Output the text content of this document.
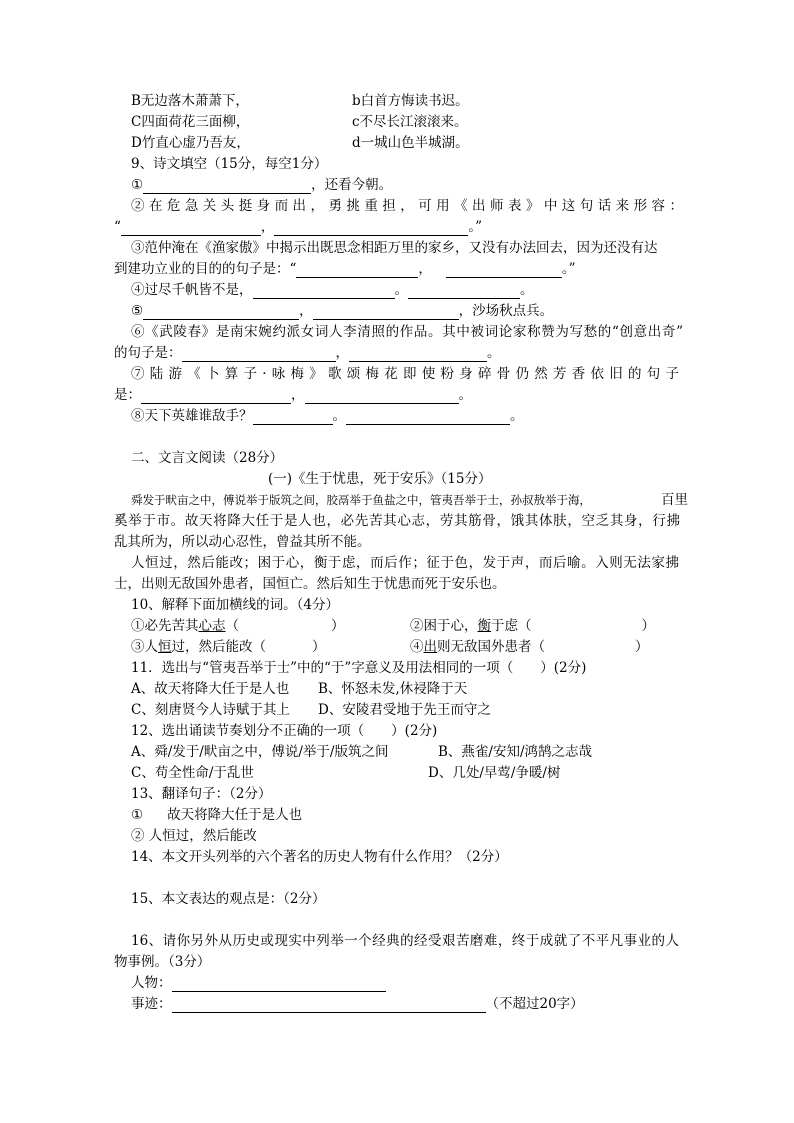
B无边落木萧萧下，	b白首方悔读书迟。
C四面荷花三面柳，	c不尽长江滚滚来。
D竹直心虚乃吾友，	d一城山色半城湖。
9、诗文填空（15分，每空1分）
①	，还看今朝。
②在危急关头挺身而出，勇挑重担，可用《出师表》中这句话来形容：
“	，	。”
③范仲淹在《渔家傲》中揭示出既思念相距万里的家乡，又没有办法回去，因为还没有达
到建功立业的目的的句子是：“	，	。”
④过尽千帆皆不是，	。	。
⑤	，	，沙场秋点兵。
⑥《武陵春》是南宋婉约派女词人李清照的作品。其中被词论家称赞为写愁的“创意出奇”
的句子是：	，	。
⑦陆游《卜算子·咏梅》歌颂梅花即使粉身碎骨仍然芳香依旧的句子
是：	，	。
⑧天下英雄谁敌手？	。	。
二、文言文阅读（28分）
(一)《生于忧患，死于安乐》（15分）
舜发于畎亩之中，傅说举于版筑之间，胶鬲举于鱼盐之中，管夷吾举于士，孙叔敖举于海，	百里
奚举于市。故天将降大任于是人也，必先苦其心志，劳其筋骨，饿其体肤，空乏其身，行拂
乱其所为，所以动心忍性，曾益其所不能。
人恒过，然后能改；困于心，衡于虑，而后作；征于色，发于声，而后喻。入则无法家拂
士，出则无敌国外患者，国恒亡。然后知生于忧患而死于安乐也。
10、解释下面加横线的词。（4分）
①必先苦其心志（	）	②困于心，衡于虑（	）
③人恒过，然后能改（	）	④出则无敌国外患者（	）
11．选出与“管夷吾举于士”中的“于”字意义及用法相同的一项（　　）(2分)
A、故天将降大任于是人也 B、怀怒未发,休祲降于天
C、刻唐贤今人诗赋于其上 D、安陵君受地于先王而守之
12、选出诵读节奏划分不正确的一项（　　）(2分)
A、舜/发于/畎亩之中，傅说/举于/版筑之间	B、燕雀/安知/鸿鹄之志哉
C、苟全性命/于乱世	D、几处/早莺/争暖/树
13、翻译句子：（2分）
① 故天将降大任于是人也
② 人恒过，然后能改
14、本文开头列举的六个著名的历史人物有什么作用？（2分）
15、本文表达的观点是：（2分）
16、请你另外从历史或现实中列举一个经典的经受艰苦磨难，终于成就了不平凡事业的人
物事例。（3分）
人物：
事迹：	（不超过20字）
